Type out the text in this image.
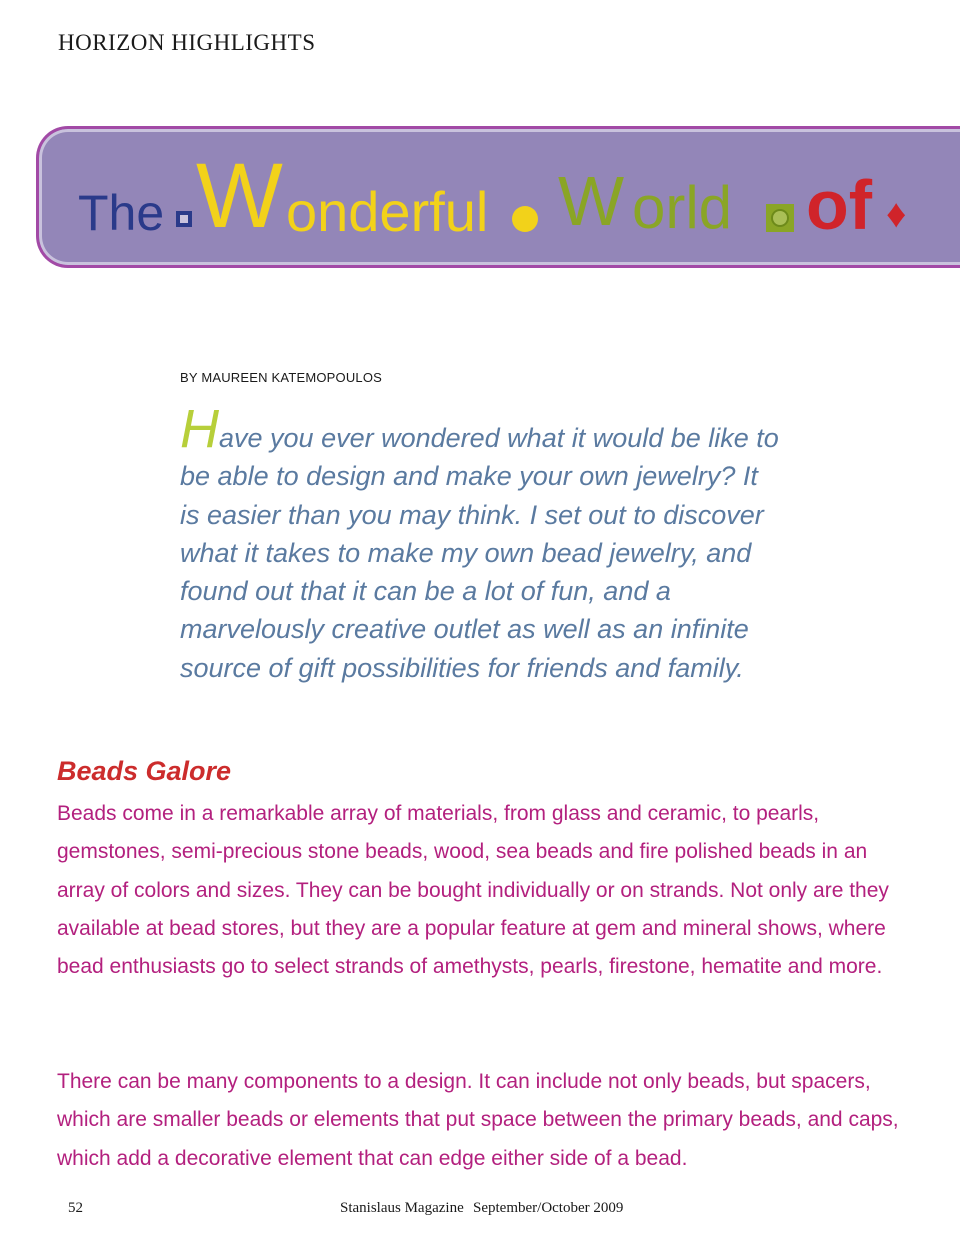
HORIZON HIGHLIGHTS
The W onderful W orld of ♦
BY MAUREEN KATEMOPOULOS
Have you ever wondered what it would be like to be able to design and make your own jewelry? It is easier than you may think. I set out to discover what it takes to make my own bead jewelry, and found out that it can be a lot of fun, and a marvelously creative outlet as well as an infinite source of gift possibilities for friends and family.
Beads Galore
Beads come in a remarkable array of materials, from glass and ceramic, to pearls, gemstones, semi-precious stone beads, wood, sea beads and fire polished beads in an array of colors and sizes. They can be bought individually or on strands. Not only are they available at bead stores, but they are a popular feature at gem and mineral shows, where bead enthusiasts go to select strands of amethysts, pearls, firestone, hematite and more.
There can be many components to a design. It can include not only beads, but spacers, which are smaller beads or elements that put space between the primary beads, and caps, which add a decorative element that can edge either side of a bead.
52	Stanislaus Magazine September/October 2009
